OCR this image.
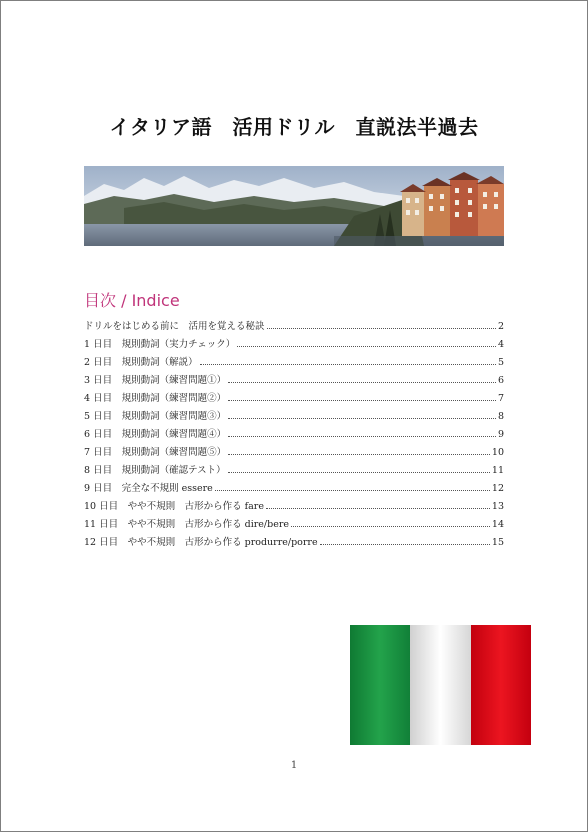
イタリア語　活用ドリル　直説法半過去
目次 / Indice
ドリルをはじめる前に　活用を覚える秘訣	2
1 日目　規則動詞（実力チェック）	4
2 日目　規則動詞（解説）	5
3 日目　規則動詞（練習問題①）	6
4 日目　規則動詞（練習問題②）	7
5 日目　規則動詞（練習問題③）	8
6 日目　規則動詞（練習問題④）	9
7 日目　規則動詞（練習問題⑤）	10
8 日目　規則動詞（確認テスト）	11
9 日目　完全な不規則 essere	12
10 日目　やや不規則　古形から作る fare	13
11 日目　やや不規則　古形から作る dire/bere	14
12 日目　やや不規則　古形から作る produrre/porre	15
1
